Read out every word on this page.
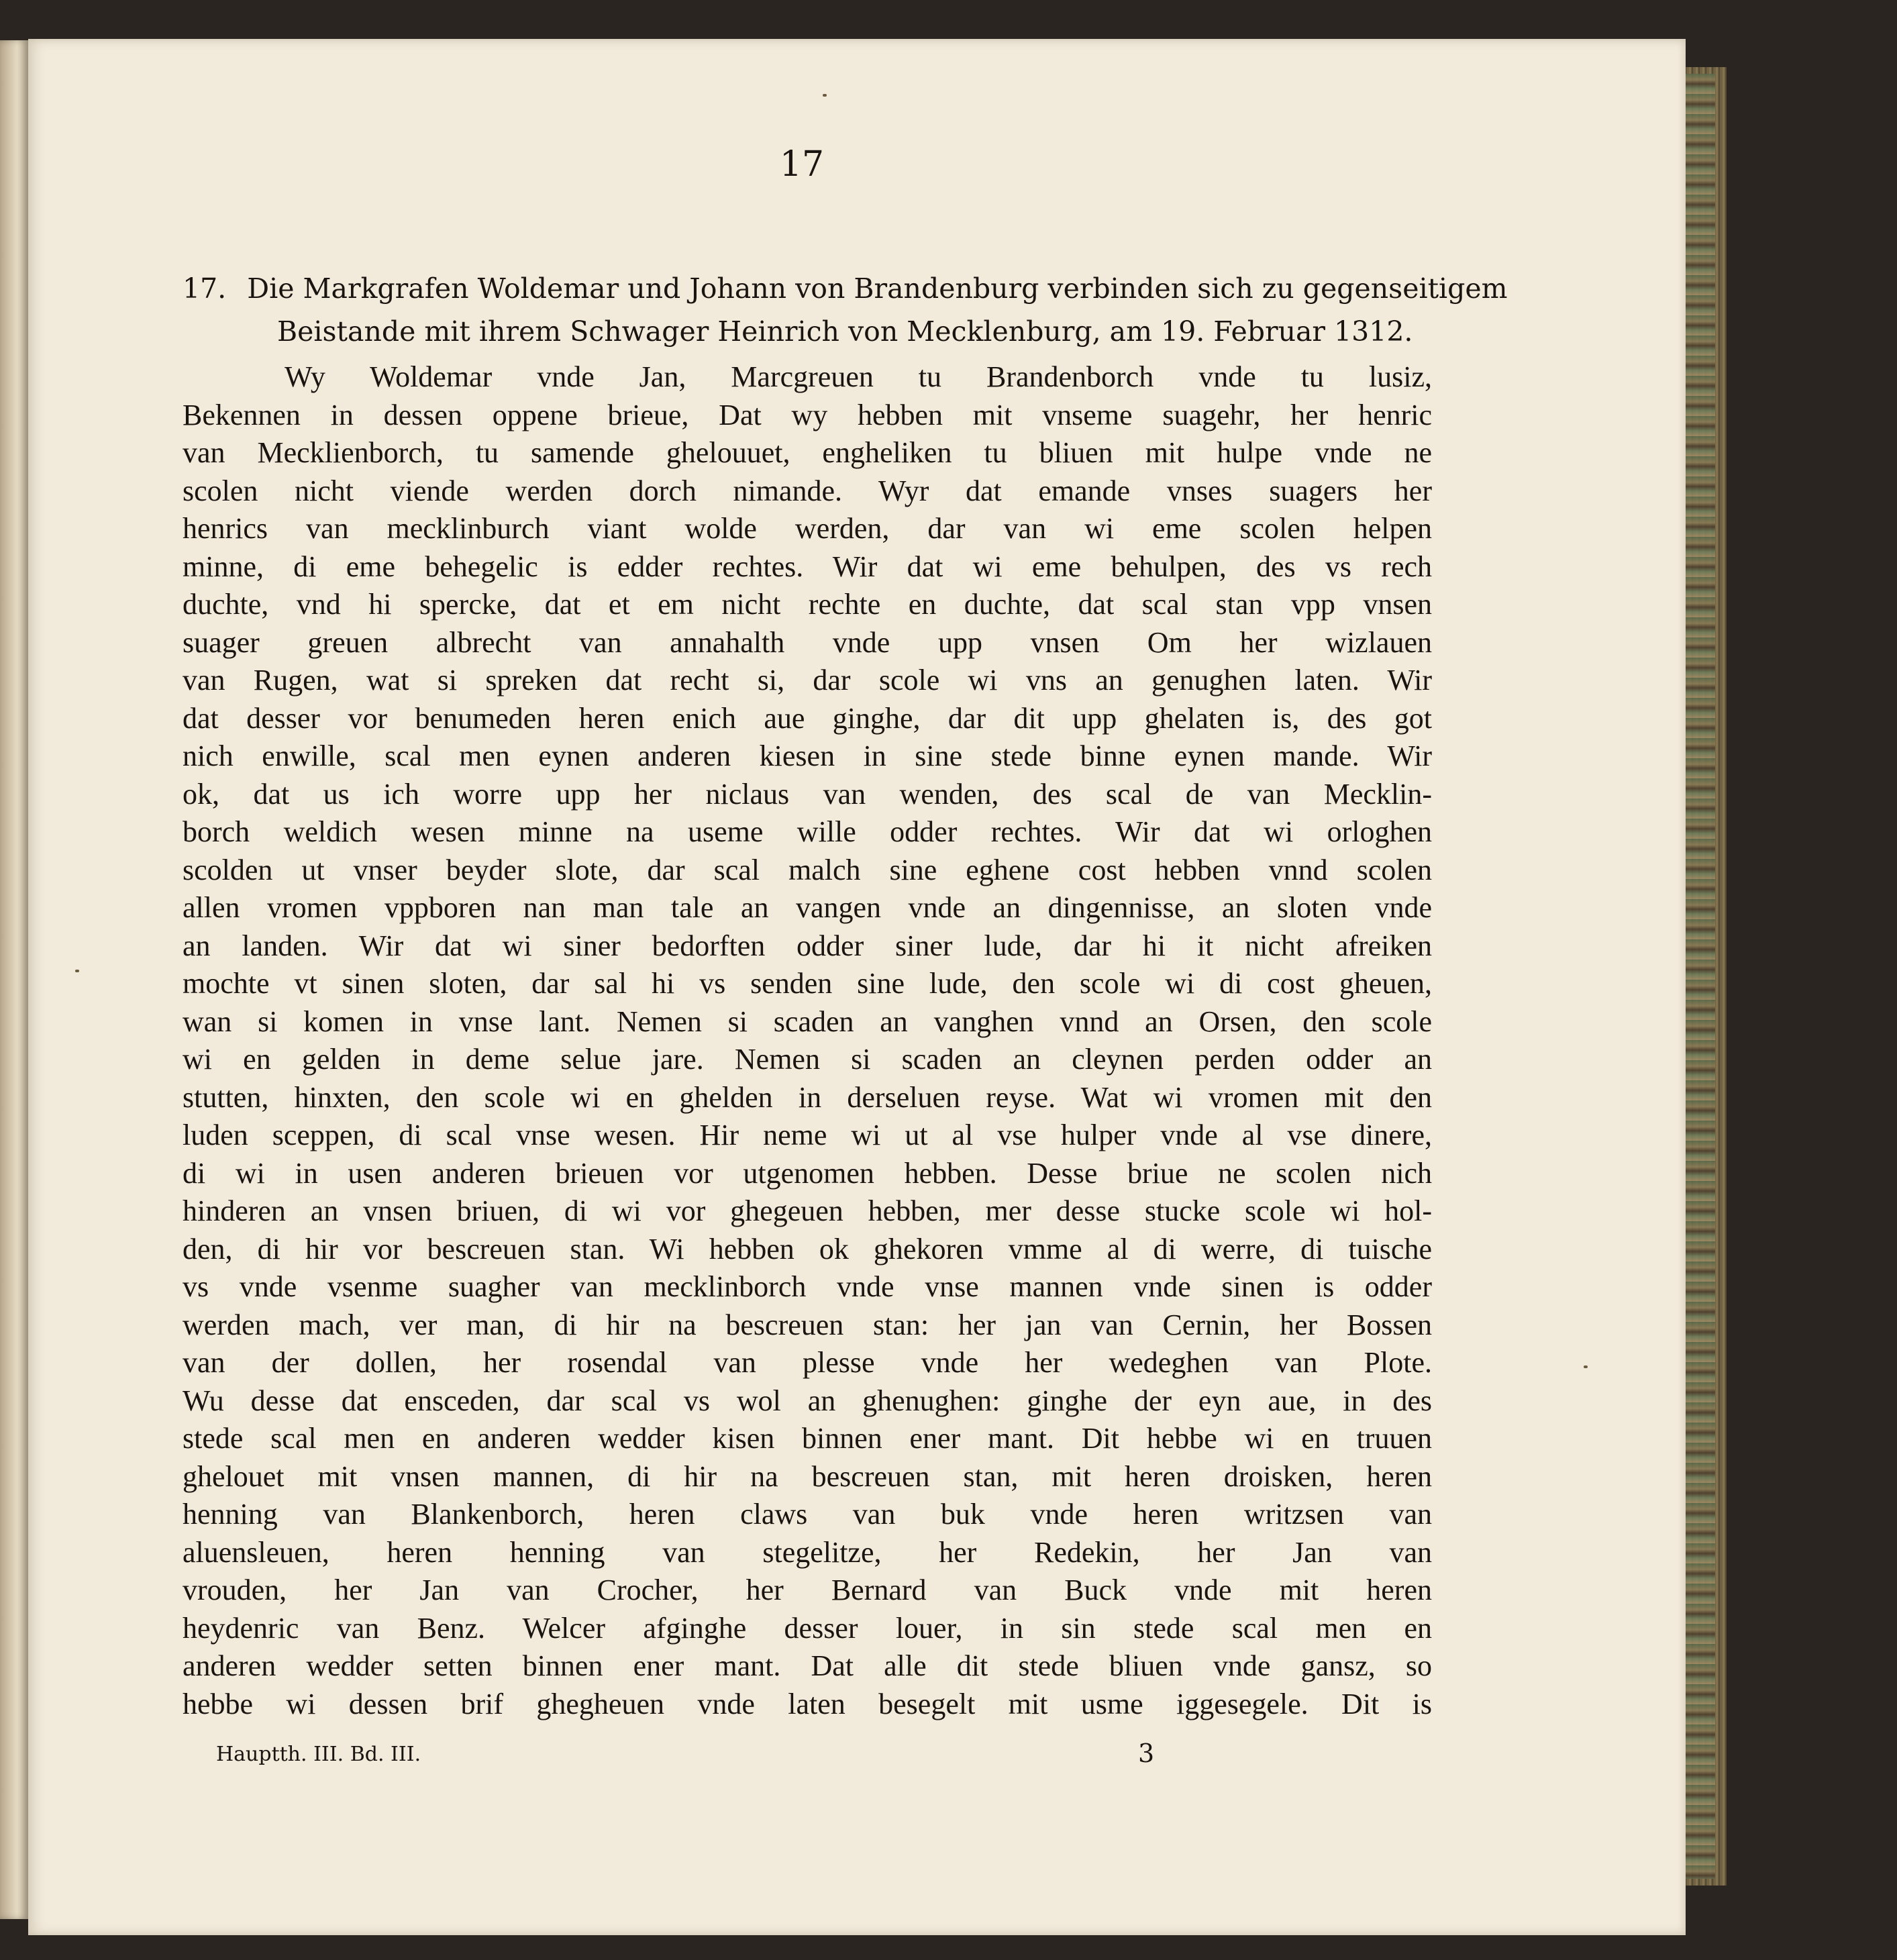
17
17. Die Markgrafen Woldemar und Johann von Brandenburg verbinden sich zu gegenseitigem
Beistande mit ihrem Schwager Heinrich von Mecklenburg, am 19. Februar 1312.
Wy Woldemar vnde Jan, Marcgreuen tu Brandenborch vnde tu lusiz,
Bekennen in dessen oppene brieue, Dat wy hebben mit vnseme suagehr, her henric
van Mecklienborch, tu samende ghelouuet, engheliken tu bliuen mit hulpe vnde ne
scolen nicht viende werden dorch nimande. Wyr dat emande vnses suagers her
henrics van mecklinburch viant wolde werden, dar van wi eme scolen helpen
minne, di eme behegelic is edder rechtes. Wir dat wi eme behulpen, des vs rech
duchte, vnd hi spercke, dat et em nicht rechte en duchte, dat scal stan vpp vnsen
suager greuen albrecht van annahalth vnde upp vnsen Om her wizlauen
van Rugen, wat si spreken dat recht si, dar scole wi vns an genughen laten. Wir
dat desser vor benumeden heren enich aue ginghe, dar dit upp ghelaten is, des got
nich enwille, scal men eynen anderen kiesen in sine stede binne eynen mande. Wir
ok, dat us ich worre upp her niclaus van wenden, des scal de van Mecklin-
borch weldich wesen minne na useme wille odder rechtes. Wir dat wi orloghen
scolden ut vnser beyder slote, dar scal malch sine eghene cost hebben vnnd scolen
allen vromen vppboren nan man tale an vangen vnde an dingennisse, an sloten vnde
an landen. Wir dat wi siner bedorften odder siner lude, dar hi it nicht afreiken
mochte vt sinen sloten, dar sal hi vs senden sine lude, den scole wi di cost gheuen,
wan si komen in vnse lant. Nemen si scaden an vanghen vnnd an Orsen, den scole
wi en gelden in deme selue jare. Nemen si scaden an cleynen perden odder an
stutten, hinxten, den scole wi en ghelden in derseluen reyse. Wat wi vromen mit den
luden sceppen, di scal vnse wesen. Hir neme wi ut al vse hulper vnde al vse dinere,
di wi in usen anderen brieuen vor utgenomen hebben. Desse briue ne scolen nich
hinderen an vnsen briuen, di wi vor ghegeuen hebben, mer desse stucke scole wi hol-
den, di hir vor bescreuen stan. Wi hebben ok ghekoren vmme al di werre, di tuische
vs vnde vsenme suagher van mecklinborch vnde vnse mannen vnde sinen is odder
werden mach, ver man, di hir na bescreuen stan: her jan van Cernin, her Bossen
van der dollen, her rosendal van plesse vnde her wedeghen van Plote.
Wu desse dat ensceden, dar scal vs wol an ghenughen: ginghe der eyn aue, in des
stede scal men en anderen wedder kisen binnen ener mant. Dit hebbe wi en truuen
ghelouet mit vnsen mannen, di hir na bescreuen stan, mit heren droisken, heren
henning van Blankenborch, heren claws van buk vnde heren writzsen van
aluensleuen, heren henning van stegelitze, her Redekin, her Jan van
vrouden, her Jan van Crocher, her Bernard van Buck vnde mit heren
heydenric van Benz. Welcer afginghe desser louer, in sin stede scal men en
anderen wedder setten binnen ener mant. Dat alle dit stede bliuen vnde gansz, so
hebbe wi dessen brif ghegheuen vnde laten besegelt mit usme iggesegele. Dit is
Hauptth. III. Bd. III.	3
